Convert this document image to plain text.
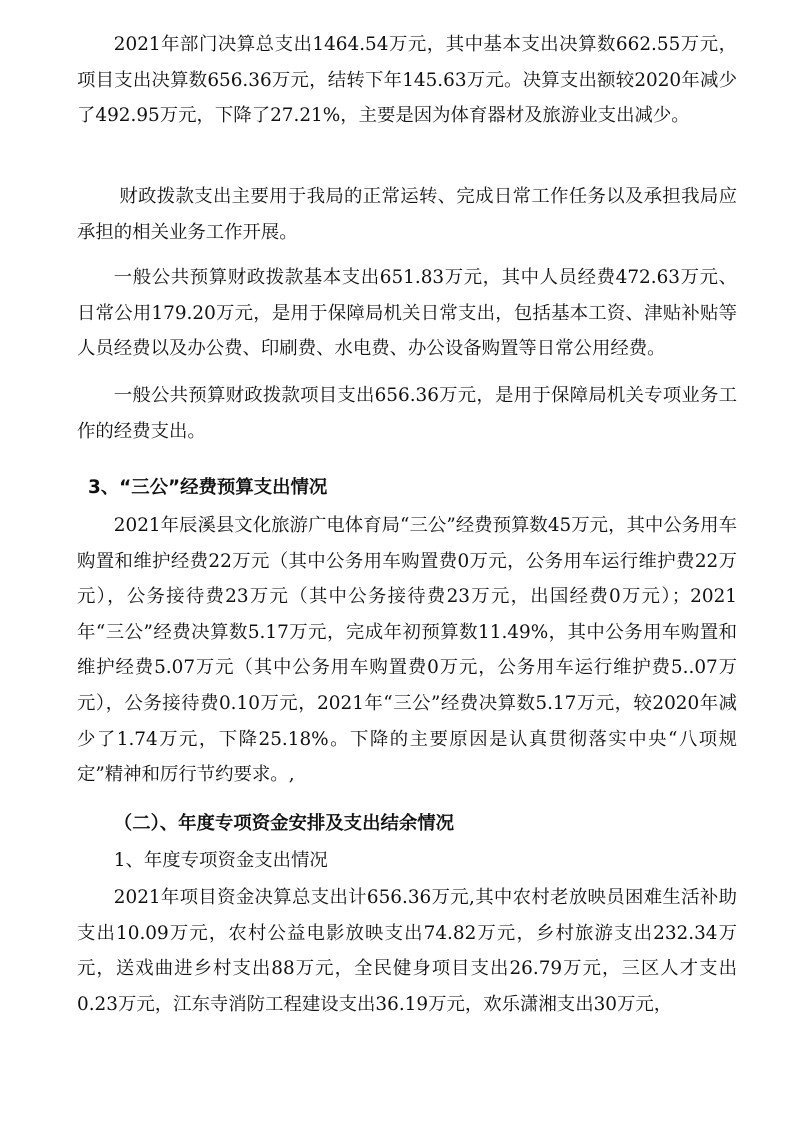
2021年部门决算总支出1464.54万元，其中基本支出决算数662.55万元，项目支出决算数656.36万元，结转下年145.63万元。决算支出额较2020年减少了492.95万元，下降了27.21%，主要是因为体育器材及旅游业支出减少。

财政拨款支出主要用于我局的正常运转、完成日常工作任务以及承担我局应承担的相关业务工作开展。

一般公共预算财政拨款基本支出651.83万元，其中人员经费472.63万元、日常公用179.20万元，是用于保障局机关日常支出，包括基本工资、津贴补贴等人员经费以及办公费、印刷费、水电费、办公设备购置等日常公用经费。

一般公共预算财政拨款项目支出656.36万元，是用于保障局机关专项业务工作的经费支出。

3、“三公”经费预算支出情况

2021年辰溪县文化旅游广电体育局“三公”经费预算数45万元，其中公务用车购置和维护经费22万元（其中公务用车购置费0万元，公务用车运行维护费22万元），公务接待费23万元（其中公务接待费23万元，出国经费0万元）；2021年“三公”经费决算数5.17万元，完成年初预算数11.49%，其中公务用车购置和维护经费5.07万元（其中公务用车购置费0万元，公务用车运行维护费5..07万元），公务接待费0.10万元，2021年“三公”经费决算数5.17万元，较2020年减少了1.74万元，下降25.18%。下降的主要原因是认真贯彻落实中央“八项规定”精神和厉行节约要求。,

（二）、年度专项资金安排及支出结余情况

1、年度专项资金支出情况

2021年项目资金决算总支出计656.36万元,其中农村老放映员困难生活补助支出10.09万元，农村公益电影放映支出74.82万元，乡村旅游支出232.34万元，送戏曲进乡村支出88万元，全民健身项目支出26.79万元，三区人才支出0.23万元，江东寺消防工程建设支出36.19万元，欢乐潇湘支出30万元，
